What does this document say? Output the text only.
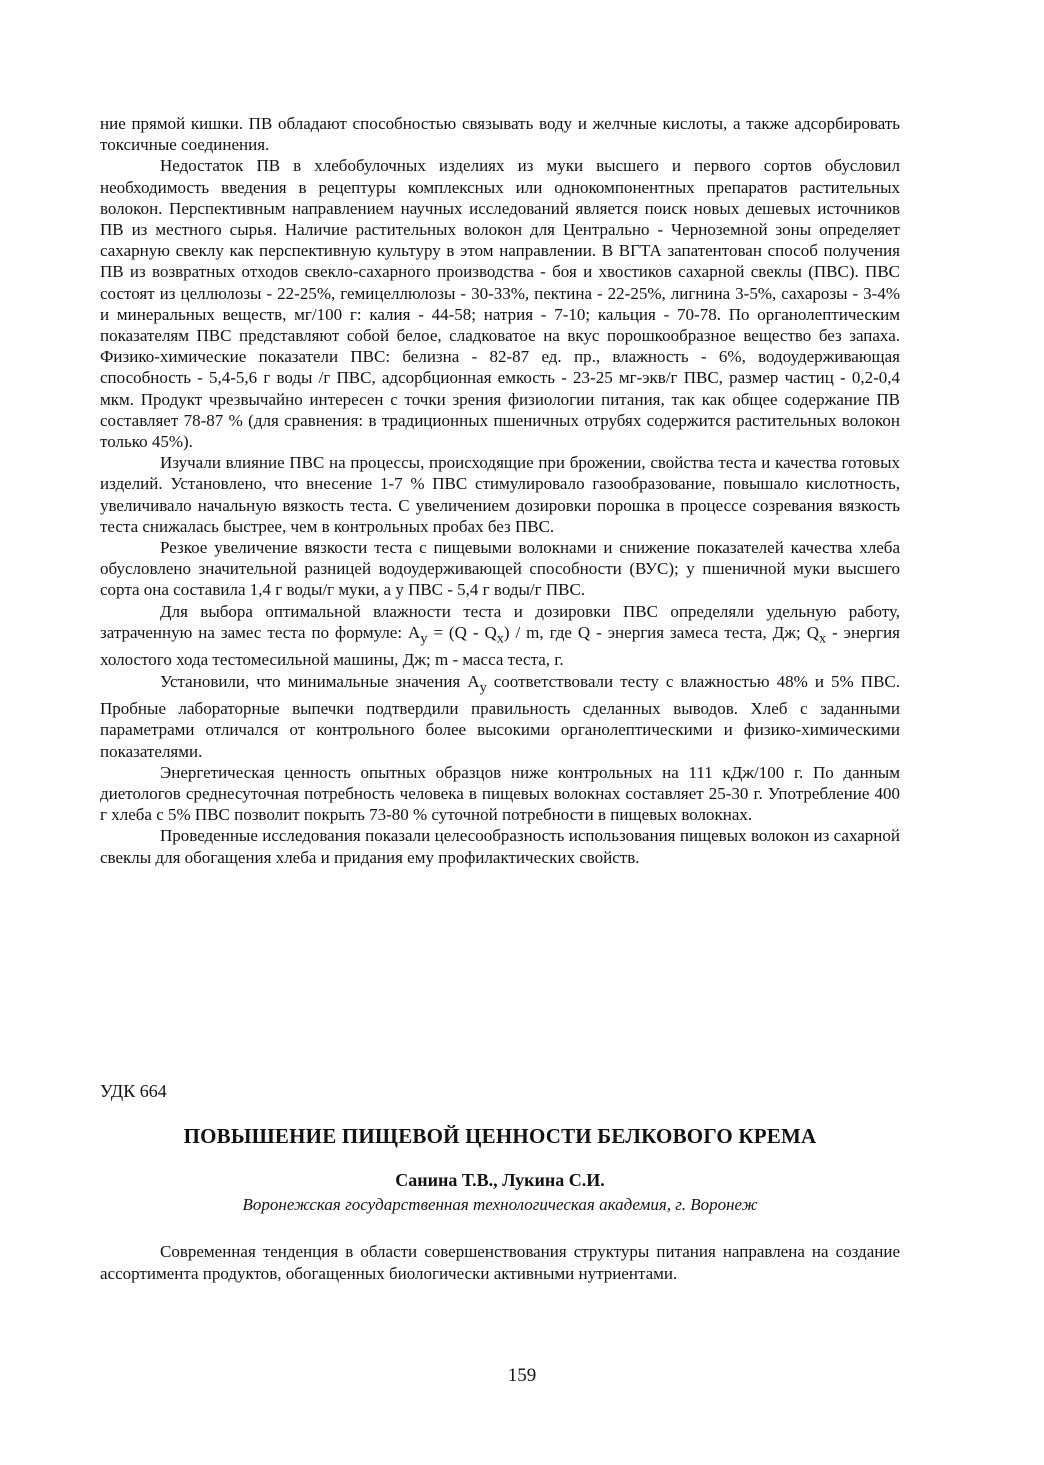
ние прямой кишки. ПВ обладают способностью связывать воду и желчные кислоты, а также адсорбировать токсичные соединения.

Недостаток ПВ в хлебобулочных изделиях из муки высшего и первого сортов обусловил необходимость введения в рецептуры комплексных или однокомпонентных препаратов растительных волокон. Перспективным направлением научных исследований является поиск новых дешевых источников ПВ из местного сырья. Наличие растительных волокон для Центрально - Черноземной зоны определяет сахарную свеклу как перспективную культуру в этом направлении. В ВГТА запатентован способ получения ПВ из возвратных отходов свекло-сахарного производства - боя и хвостиков сахарной свеклы (ПВС). ПВС состоят из целлюлозы - 22-25%, гемицеллюлозы - 30-33%, пектина - 22-25%, лигнина 3-5%, сахарозы - 3-4% и минеральных веществ, мг/100 г: калия - 44-58; натрия - 7-10; кальция - 70-78. По органолептическим показателям ПВС представляют собой белое, сладковатое на вкус порошкообразное вещество без запаха. Физико-химические показатели ПВС: белизна - 82-87 ед. пр., влажность - 6%, водоудерживающая способность - 5,4-5,6 г воды /г ПВС, адсорбционная емкость - 23-25 мг-экв/г ПВС, размер частиц - 0,2-0,4 мкм. Продукт чрезвычайно интересен с точки зрения физиологии питания, так как общее содержание ПВ составляет 78-87 % (для сравнения: в традиционных пшеничных отрубях содержится растительных волокон только 45%).

Изучали влияние ПВС на процессы, происходящие при брожении, свойства теста и качества готовых изделий. Установлено, что внесение 1-7 % ПВС стимулировало газообразование, повышало кислотность, увеличивало начальную вязкость теста. С увеличением дозировки порошка в процессе созревания вязкость теста снижалась быстрее, чем в контрольных пробах без ПВС.

Резкое увеличение вязкости теста с пищевыми волокнами и снижение показателей качества хлеба обусловлено значительной разницей водоудерживающей способности (ВУС); у пшеничной муки высшего сорта она составила 1,4 г воды/г муки, а у ПВС - 5,4 г воды/г ПВС.

Для выбора оптимальной влажности теста и дозировки ПВС определяли удельную работу, затраченную на замес теста по формуле: $A_y = (Q - Q_x) / m$, где Q - энергия замеса теста, Дж; $Q_x$ - энергия холостого хода тестомесильной машины, Дж; m - масса теста, г.

Установили, что минимальные значения $A_y$ соответствовали тесту с влажностью 48% и 5% ПВС. Пробные лабораторные выпечки подтвердили правильность сделанных выводов. Хлеб с заданными параметрами отличался от контрольного более высокими органолептическими и физико-химическими показателями.

Энергетическая ценность опытных образцов ниже контрольных на 111 кДж/100 г. По данным диетологов среднесуточная потребность человека в пищевых волокнах составляет 25-30 г. Употребление 400 г хлеба с 5% ПВС позволит покрыть 73-80 % суточной потребности в пищевых волокнах.

Проведенные исследования показали целесообразность использования пищевых волокон из сахарной свеклы для обогащения хлеба и придания ему профилактических свойств.

УДК 664
ПОВЫШЕНИЕ ПИЩЕВОЙ ЦЕННОСТИ БЕЛКОВОГО КРЕМА
Санина Т.В., Лукина С.И.
Воронежская государственная технологическая академия, г. Воронеж

Современная тенденция в области совершенствования структуры питания направлена на создание ассортимента продуктов, обогащенных биологически активными нутриентами.

159
